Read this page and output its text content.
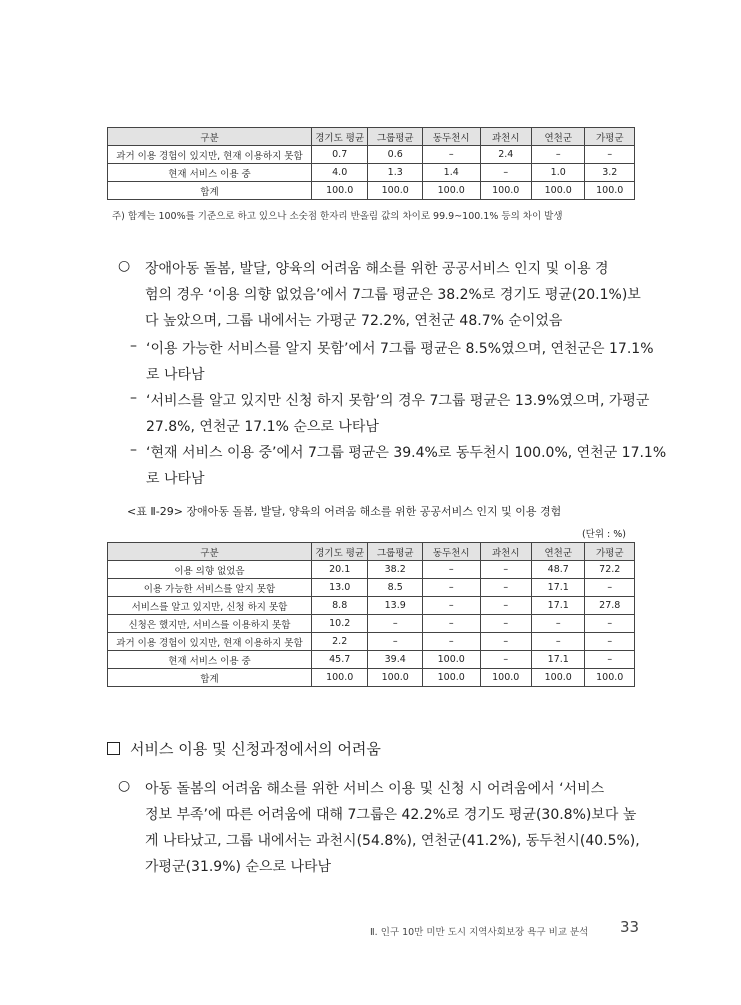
구분	경기도 평균	그룹평균	동두천시	과천시	연천군	가평군
과거 이용 경험이 있지만, 현재 이용하지 못함	0.7	0.6	–	2.4	–	–
현재 서비스 이용 중	4.0	1.3	1.4	–	1.0	3.2
합계	100.0	100.0	100.0	100.0	100.0	100.0
주) 합계는 100%를 기준으로 하고 있으나 소숫점 한자리 반올림 값의 차이로 99.9~100.1% 등의 차이 발생
○ 장애아동 돌봄, 발달, 양육의 어려움 해소를 위한 공공서비스 인지 및 이용 경
험의 경우 ‘이용 의향 없었음’에서 7그룹 평균은 38.2%로 경기도 평균(20.1%)보
다 높았으며, 그룹 내에서는 가평군 72.2%, 연천군 48.7% 순이었음
– ‘이용 가능한 서비스를 알지 못함’에서 7그룹 평균은 8.5%였으며, 연천군은 17.1%
로 나타남
– ‘서비스를 알고 있지만 신청 하지 못함’의 경우 7그룹 평균은 13.9%였으며, 가평군
27.8%, 연천군 17.1% 순으로 나타남
– ‘현재 서비스 이용 중’에서 7그룹 평균은 39.4%로 동두천시 100.0%, 연천군 17.1%
로 나타남
<표 Ⅱ-29> 장애아동 돌봄, 발달, 양육의 어려움 해소를 위한 공공서비스 인지 및 이용 경험
(단위 : %)
구분	경기도 평균	그룹평균	동두천시	과천시	연천군	가평군
이용 의향 없었음	20.1	38.2	–	–	48.7	72.2
이용 가능한 서비스를 알지 못함	13.0	8.5	–	–	17.1	–
서비스를 알고 있지만, 신청 하지 못함	8.8	13.9	–	–	17.1	27.8
신청은 했지만, 서비스를 이용하지 못함	10.2	–	–	–	–	–
과거 이용 경험이 있지만, 현재 이용하지 못함	2.2	–	–	–	–	–
현재 서비스 이용 중	45.7	39.4	100.0	–	17.1	–
합계	100.0	100.0	100.0	100.0	100.0	100.0
서비스 이용 및 신청과정에서의 어려움
○ 아동 돌봄의 어려움 해소를 위한 서비스 이용 및 신청 시 어려움에서 ‘서비스
정보 부족’에 따른 어려움에 대해 7그룹은 42.2%로 경기도 평균(30.8%)보다 높
게 나타났고, 그룹 내에서는 과천시(54.8%), 연천군(41.2%), 동두천시(40.5%),
가평군(31.9%) 순으로 나타남
Ⅱ. 인구 10만 미만 도시 지역사회보장 욕구 비교 분석 33
